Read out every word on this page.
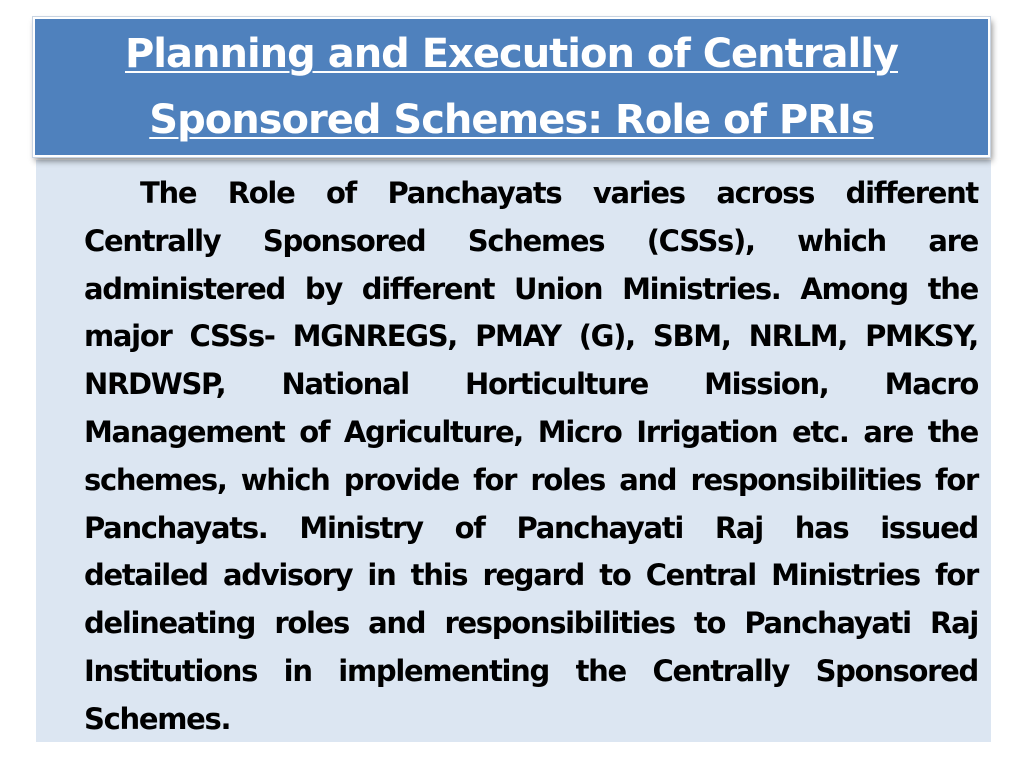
Planning and Execution of Centrally Sponsored Schemes: Role of PRIs

The Role of Panchayats varies across different Centrally Sponsored Schemes (CSSs), which are administered by different Union Ministries. Among the major CSSs- MGNREGS, PMAY (G), SBM, NRLM, PMKSY, NRDWSP, National Horticulture Mission, Macro Management of Agriculture, Micro Irrigation etc. are the schemes, which provide for roles and responsibilities for Panchayats. Ministry of Panchayati Raj has issued detailed advisory in this regard to Central Ministries for delineating roles and responsibilities to Panchayati Raj Institutions in implementing the Centrally Sponsored Schemes.
